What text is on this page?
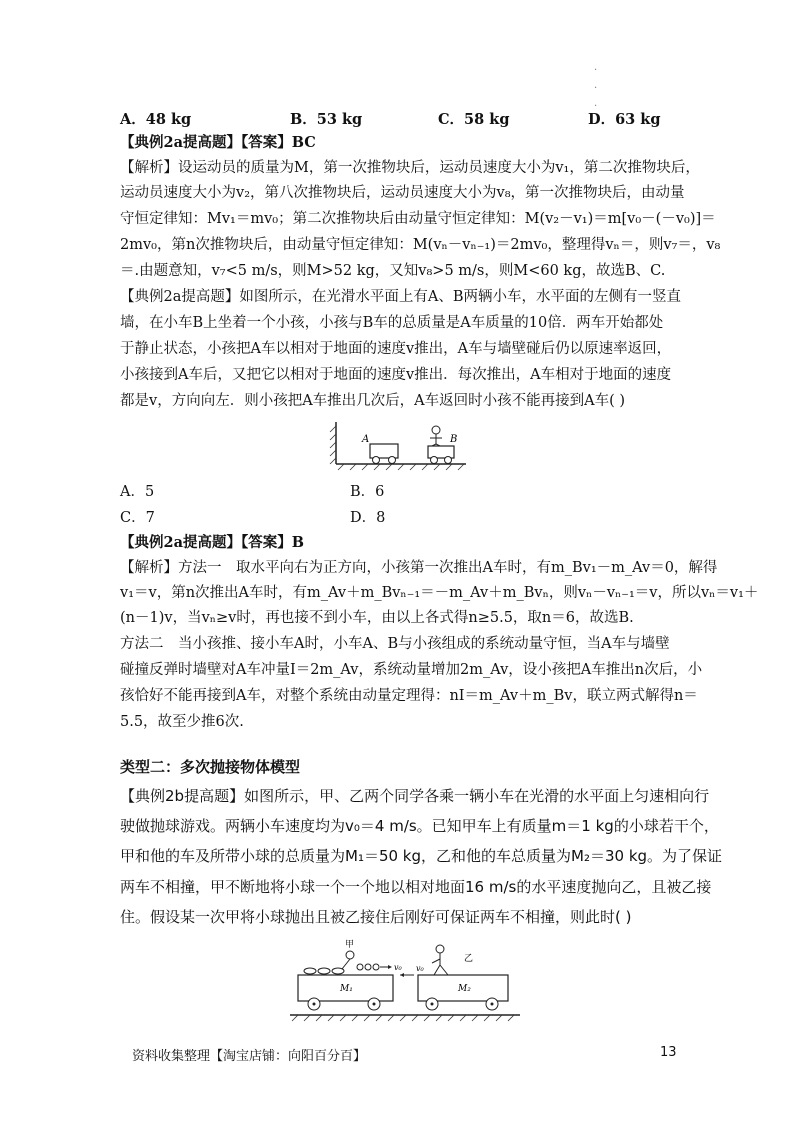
.
.
.
A．48 kg	B．53 kg	C．58 kg	D．63 kg
【典例2a提高题】【答案】BC
【解析】设运动员的质量为M，第一次推物块后，运动员速度大小为v₁，第二次推物块后，
运动员速度大小为v₂，第八次推物块后，运动员速度大小为v₈，第一次推物块后，由动量
守恒定律知：Mv₁＝mv₀；第二次推物块后由动量守恒定律知：M(v₂－v₁)＝m[v₀－(－v₀)]＝
2mv₀，第n次推物块后，由动量守恒定律知：M(vₙ－vₙ₋₁)＝2mv₀，整理得vₙ＝，则v₇＝，v₈
＝.由题意知，v₇<5 m/s，则M>52 kg，又知v₈>5 m/s，则M<60 kg，故选B、C.
【典例2a提高题】如图所示，在光滑水平面上有A、B两辆小车，水平面的左侧有一竖直
墙，在小车B上坐着一个小孩，小孩与B车的总质量是A车质量的10倍．两车开始都处
于静止状态，小孩把A车以相对于地面的速度v推出，A车与墙壁碰后仍以原速率返回，
小孩接到A车后，又把它以相对于地面的速度v推出．每次推出，A车相对于地面的速度
都是v，方向向左．则小孩把A车推出几次后，A车返回时小孩不能再接到A车( )
A	B
A．5	B．6
C．7	D．8
【典例2a提高题】【答案】B
【解析】方法一　取水平向右为正方向，小孩第一次推出A车时，有m_Bv₁－m_Av＝0，解得
v₁＝v，第n次推出A车时，有m_Av＋m_Bvₙ₋₁＝－m_Av＋m_Bvₙ，则vₙ－vₙ₋₁＝v，所以vₙ＝v₁＋
(n－1)v，当vₙ≥v时，再也接不到小车，由以上各式得n≥5.5，取n＝6，故选B.
方法二　当小孩推、接小车A时，小车A、B与小孩组成的系统动量守恒，当A车与墙壁
碰撞反弹时墙壁对A车冲量I＝2m_Av，系统动量增加2m_Av，设小孩把A车推出n次后，小
孩恰好不能再接到A车，对整个系统由动量定理得：nI＝m_Av＋m_Bv，联立两式解得n＝
5.5，故至少推6次.
类型二：多次抛接物体模型
【典例2b提高题】如图所示，甲、乙两个同学各乘一辆小车在光滑的水平面上匀速相向行
驶做抛球游戏。两辆小车速度均为v₀＝4 m/s。已知甲车上有质量m＝1 kg的小球若干个，
甲和他的车及所带小球的总质量为M₁＝50 kg，乙和他的车总质量为M₂＝30 kg。为了保证
两车不相撞，甲不断地将小球一个一个地以相对地面16 m/s的水平速度抛向乙，且被乙接
住。假设某一次甲将小球抛出且被乙接住后刚好可保证两车不相撞，则此时( )
M₁
甲
v₀
M₂
乙
v₀
资料收集整理【淘宝店铺：向阳百分百】	13
